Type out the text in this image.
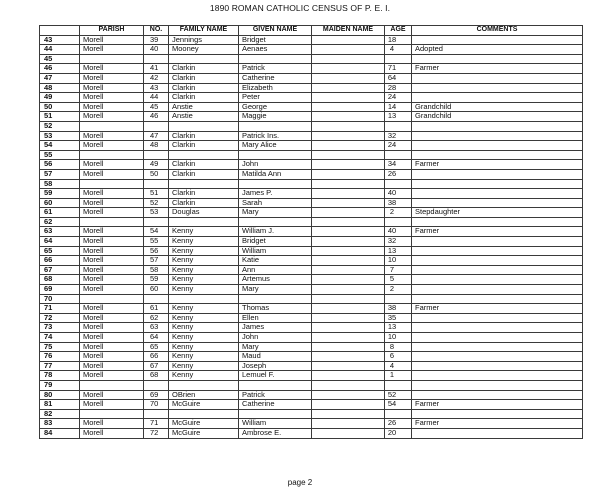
1890 ROMAN CATHOLIC CENSUS OF P. E. I.
	PARISH	NO.	FAMILY NAME	GIVEN NAME	MAIDEN NAME	AGE	COMMENTS
43	Morell	39	Jennings	Bridget		18	
44	Morell	40	Mooney	Aenaes		4	Adopted
45							
46	Morell	41	Clarkin	Patrick		71	Farmer
47	Morell	42	Clarkin	Catherine		64	
48	Morell	43	Clarkin	Elizabeth		28	
49	Morell	44	Clarkin	Peter		24	
50	Morell	45	Anstie	George		14	Grandchild
51	Morell	46	Anstie	Maggie		13	Grandchild
52							
53	Morell	47	Clarkin	Patrick Ins.		32	
54	Morell	48	Clarkin	Mary Alice		24	
55							
56	Morell	49	Clarkin	John		34	Farmer
57	Morell	50	Clarkin	Matilda Ann		26	
58							
59	Morell	51	Clarkin	James P.		40	
60	Morell	52	Clarkin	Sarah		38	
61	Morell	53	Douglas	Mary		2	Stepdaughter
62							
63	Morell	54	Kenny	William J.		40	Farmer
64	Morell	55	Kenny	Bridget		32	
65	Morell	56	Kenny	William		13	
66	Morell	57	Kenny	Katie		10	
67	Morell	58	Kenny	Ann		7	
68	Morell	59	Kenny	Artemus		5	
69	Morell	60	Kenny	Mary		2	
70							
71	Morell	61	Kenny	Thomas		38	Farmer
72	Morell	62	Kenny	Ellen		35	
73	Morell	63	Kenny	James		13	
74	Morell	64	Kenny	John		10	
75	Morell	65	Kenny	Mary		8	
76	Morell	66	Kenny	Maud		6	
77	Morell	67	Kenny	Joseph		4	
78	Morell	68	Kenny	Lemuel F.		1	
79							
80	Morell	69	OBrien	Patrick		52	
81	Morell	70	McGuire	Catherine		54	Farmer
82							
83	Morell	71	McGuire	William		26	Farmer
84	Morell	72	McGuire	Ambrose E.		20	
page 2
